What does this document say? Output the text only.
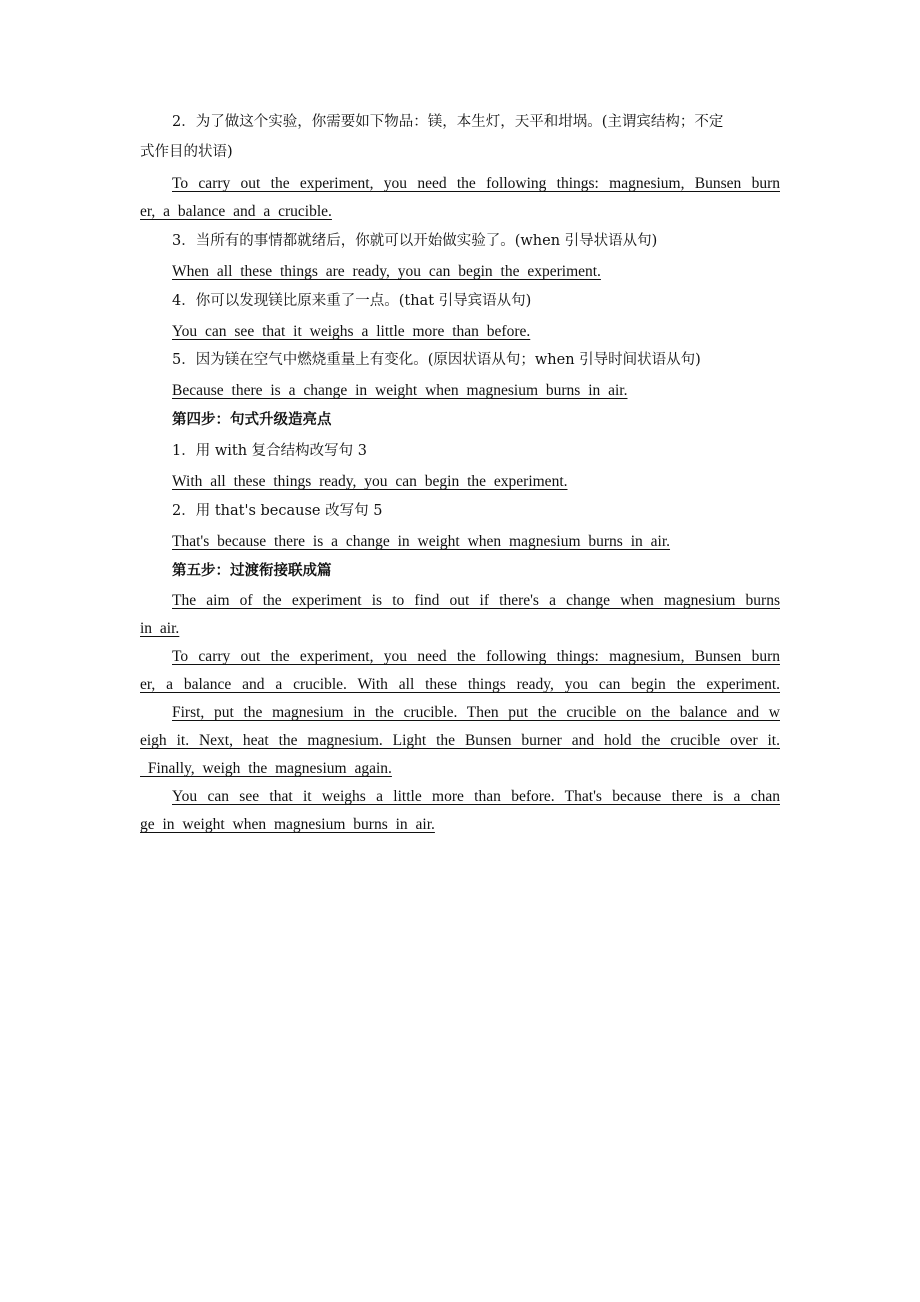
2．为了做这个实验，你需要如下物品：镁，本生灯，天平和坩埚。(主谓宾结构；不定
式作目的状语)
To carry out the experiment, you need the following things: magnesium, Bunsen burn
er, a balance and a crucible.
3．当所有的事情都就绪后，你就可以开始做实验了。(when 引导状语从句)
When all these things are ready, you can begin the experiment.
4．你可以发现镁比原来重了一点。(that 引导宾语从句)
You can see that it weighs a little more than before.
5．因为镁在空气中燃烧重量上有变化。(原因状语从句；when 引导时间状语从句)
Because there is a change in weight when magnesium burns in air.
第四步：句式升级造亮点
1．用 with 复合结构改写句 3
With all these things ready, you can begin the experiment.
2．用 that's because 改写句 5
That's because there is a change in weight when magnesium burns in air.
第五步：过渡衔接联成篇
The aim of the experiment is to find out if there's a change when magnesium burns
in air.
To carry out the experiment, you need the following things: magnesium, Bunsen burn
er, a balance and a crucible. With all these things ready, you can begin the experiment.
First, put the magnesium in the crucible. Then put the crucible on the balance and w
eigh it. Next, heat the magnesium. Light the Bunsen burner and hold the crucible over it.
Finally, weigh the magnesium again.
You can see that it weighs a little more than before. That's because there is a chan
ge in weight when magnesium burns in air.
